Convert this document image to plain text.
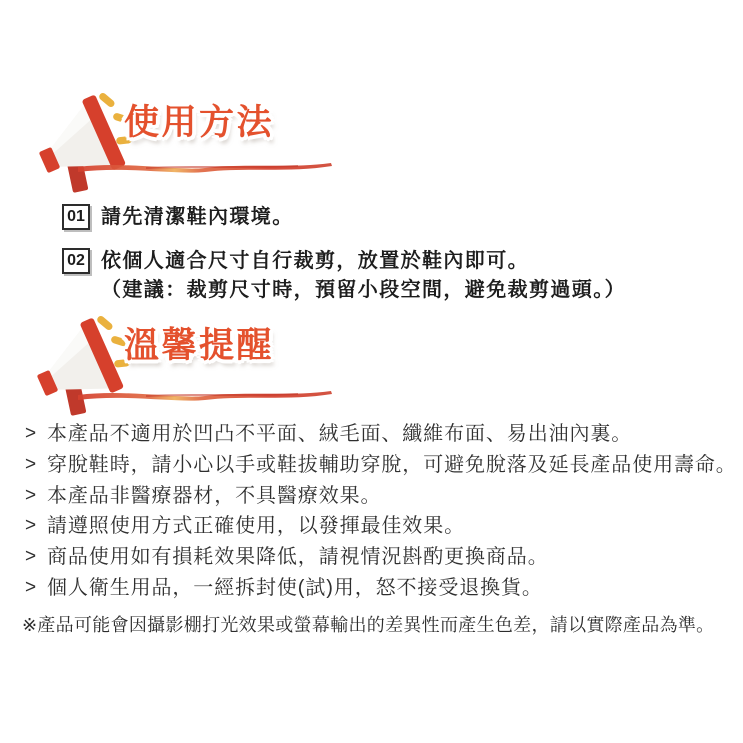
使用方法
01 請先清潔鞋內環境。
02 依個人適合尺寸自行裁剪，放置於鞋內即可。
（建議：裁剪尺寸時，預留小段空間，避免裁剪過頭。）
溫馨提醒
> 本產品不適用於凹凸不平面、絨毛面、纖維布面、易出油內裏。
> 穿脫鞋時，請小心以手或鞋拔輔助穿脫，可避免脫落及延長產品使用壽命。
> 本產品非醫療器材，不具醫療效果。
> 請遵照使用方式正確使用，以發揮最佳效果。
> 商品使用如有損耗效果降低，請視情況斟酌更換商品。
> 個人衛生用品，一經拆封使(試)用，怒不接受退換貨。
※產品可能會因攝影棚打光效果或螢幕輸出的差異性而產生色差，請以實際產品為準。
